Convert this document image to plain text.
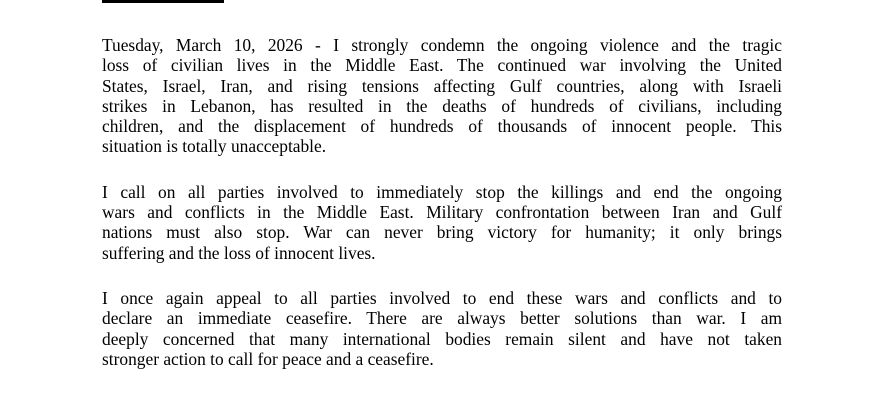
Tuesday, March 10, 2026 - I strongly condemn the ongoing violence and the tragic
loss of civilian lives in the Middle East. The continued war involving the United
States, Israel, Iran, and rising tensions affecting Gulf countries, along with Israeli
strikes in Lebanon, has resulted in the deaths of hundreds of civilians, including
children, and the displacement of hundreds of thousands of innocent people. This
situation is totally unacceptable.

I call on all parties involved to immediately stop the killings and end the ongoing
wars and conflicts in the Middle East. Military confrontation between Iran and Gulf
nations must also stop. War can never bring victory for humanity; it only brings
suffering and the loss of innocent lives.

I once again appeal to all parties involved to end these wars and conflicts and to
declare an immediate ceasefire. There are always better solutions than war. I am
deeply concerned that many international bodies remain silent and have not taken
stronger action to call for peace and a ceasefire.
